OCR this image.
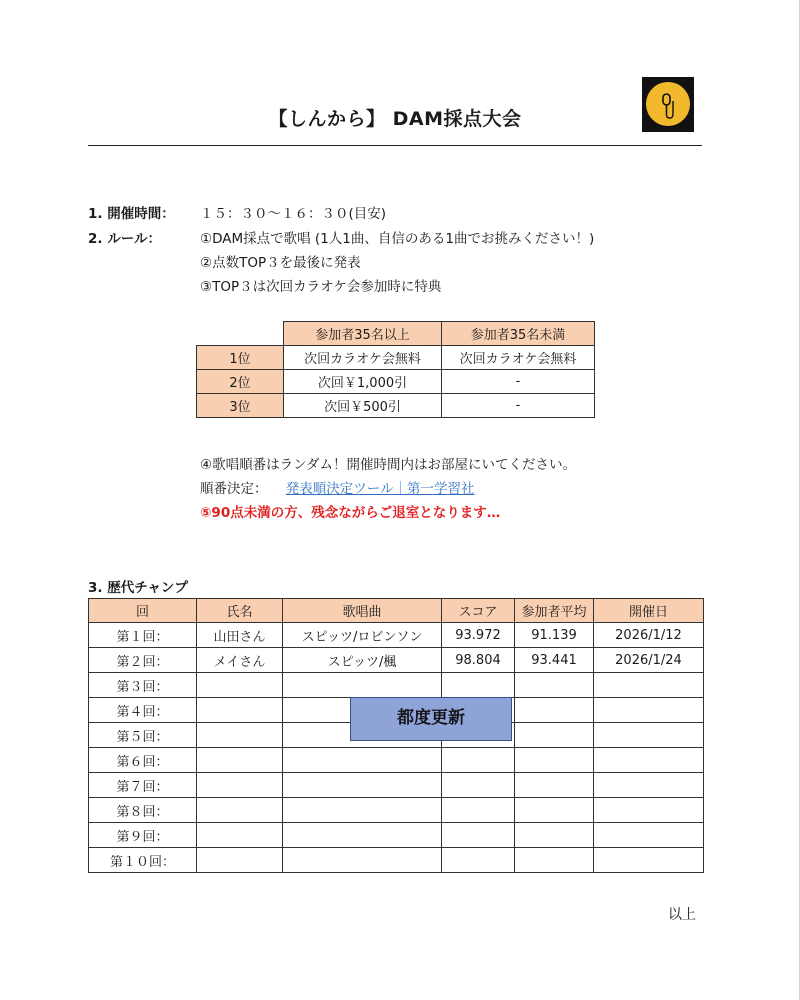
【しんから】 DAM採点大会
1. 開催時間： １５：３０〜１６：３０(目安)
2. ルール：	①DAM採点で歌唱 (1人1曲、自信のある1曲でお挑みください！)
②点数TOP３を最後に発表
③TOP３は次回カラオケ会参加時に特典
	参加者35名以上	参加者35名未満
1位	次回カラオケ会無料	次回カラオケ会無料
2位	次回￥1,000引	-
3位	次回￥500引	-
④歌唱順番はランダム！開催時間内はお部屋にいてください。
順番決定： 発表順決定ツール｜第一学習社
⑤90点未満の方、残念ながらご退室となります…
3. 歴代チャンプ
回	氏名	歌唱曲	スコア	参加者平均	開催日
第１回：	山田さん	スピッツ/ロビンソン	93.972	91.139	2026/1/12
第２回：	メイさん	スピッツ/楓	98.804	93.441	2026/1/24
第３回：					
第４回：					
第５回：					
第６回：					
第７回：					
第８回：					
第９回：					
第１０回：					
都度更新
以上
